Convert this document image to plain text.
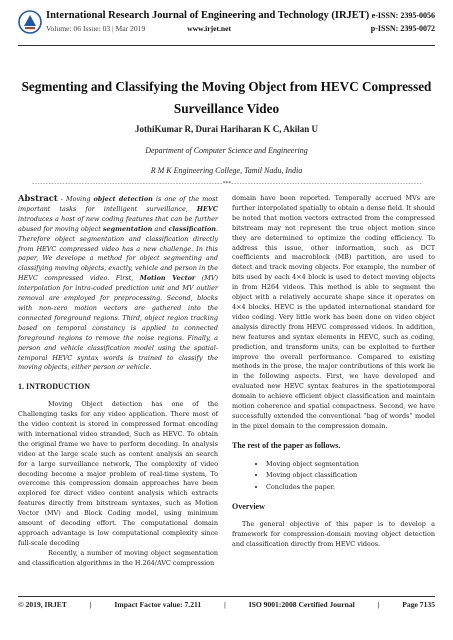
International Research Journal of Engineering and Technology (IRJET)
Volume: 06 Issue: 03 | Mar 2019	www.irjet.net
e-ISSN: 2395-0056
p-ISSN: 2395-0072
Segmenting and Classifying the Moving Object from HEVC Compressed
Surveillance Video
JothiKumar R, Durai Hariharan K C, Akilan U
Department of Computer Science and Engineering
R M K Engineering College, Tamil Nadu, India
---------------------------------------------------------------------***---------------------------------------------------------------------

Abstract - Moving object detection is one of the most important tasks for intelligent surveillance, HEVC introduces a host of new coding features that can be further abused for moving object segmentation and classification. Therefore object segmentation and classification directly from HEVC compressed video has a new challenge. In this paper, We develope a method for object segmenting and classifying moving objects, exactly, vehicle and person in the HEVC compressed video. First, Motion Vector (MV) interpolation for intra-coded prediction unit and MV outlier removal are employed for preprocessing. Second, blocks with non-zero motion vectors are gathered into the connected foreground regions. Third, object region tracking based on temporal constancy is applied to connected foreground regions to remove the noise regions. Finally, a person and vehicle classification model using the spatial-temporal HEVC syntax words is trained to classify the moving objects, either person or vehicle.

1. INTRODUCTION

Moving Object detection has one of the Challenging tasks for any video application. There most of the video content is stored in compressed format encoding with international video stranded, Such as HEVC. To obtain the original frame we have to perform decoding. In analysis video at the large scale such as content analysis an search for a large surveillance network, The complexity of video decoding become a major problem of real-time system, To overcome this compression domain approaches have been explored for direct video content analysis which extracts features directly from bitstream syntaxes, such as Motion Vector (MV) and Block Coding model, using minimum amount of decoding effort. The computational domain approach advantage is low computational complexity since full-scale decoding

Recently, a number of moving object segmentation and classification algorithms in the H.264/AVC compression

domain have been reported. Temporally accrued MVs are further interpolated spatially to obtain a dense field. It should be noted that motion vectors extracted from the compressed bitstream may not represent the true object motion since they are determined to optimize the coding efficiency. To address this issue, other information, such as DCT coefficients and macroblock (MB) partition, are used to detect and track moving objects. For example, the number of bits used by each 4×4 block is used to detect moving objects in from H264 videos. This method is able to segment the object with a relatively accurate shape since it operates on 4×4 blocks. HEVC is the updated international standard for video coding. Very little work has been done on video object analysis directly from HEVC compressed videos. In addition, new features and syntax elements in HEVC, such as coding, prediction, and transform units, can be exploited to further improve the overall performance. Compared to existing methods in the prose, the major contributions of this work lie in the following aspects. First, we have developed and evaluated new HEVC syntax features in the spatiotemporal domain to achieve efficient object classification and maintain motion coherence and spatial compactness. Second, we have successfully extended the conventional “bag of words” model in the pixel domain to the compression domain.

The rest of the paper as follows.
• Moving object segmentation
• Moving object classification
• Concludes the paper.
Overview

The general objective of this paper is to develop a framework for compression-domain moving object detection and classification directly from HEVC videos.

© 2019, IRJET	|	Impact Factor value: 7.211	|	ISO 9001:2008 Certified Journal	|	Page 7135
